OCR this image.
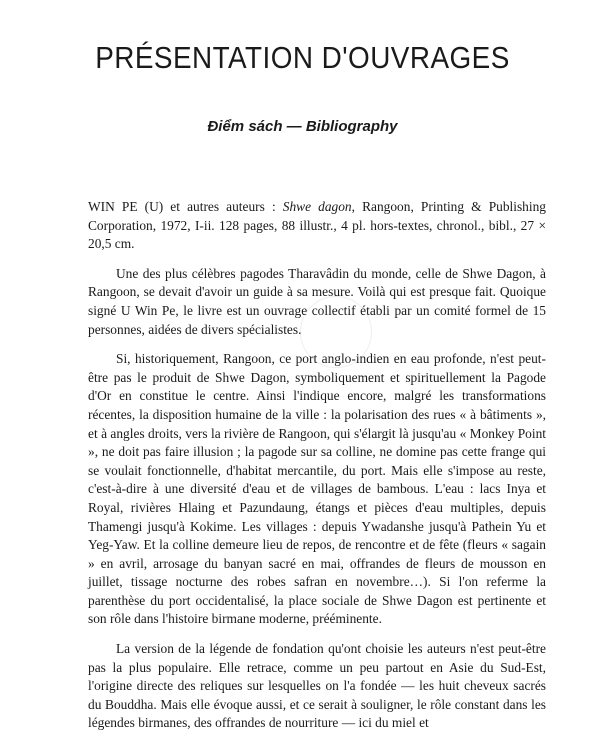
PRÉSENTATION D'OUVRAGES
Điểm sách — Bibliography

WIN PE (U) et autres auteurs : Shwe dagon, Rangoon, Printing & Publishing Corporation, 1972, I-ii. 128 pages, 88 illustr., 4 pl. hors-textes, chronol., bibl., 27 × 20,5 cm.

Une des plus célèbres pagodes Tharavâdin du monde, celle de Shwe Dagon, à Rangoon, se devait d'avoir un guide à sa mesure. Voilà qui est presque fait. Quoique signé U Win Pe, le livre est un ouvrage collectif établi par un comité formel de 15 personnes, aidées de divers spécialistes.

Si, historiquement, Rangoon, ce port anglo-indien en eau profonde, n'est peut-être pas le produit de Shwe Dagon, symboliquement et spirituellement la Pagode d'Or en constitue le centre. Ainsi l'indique encore, malgré les transformations récentes, la disposition humaine de la ville : la polarisation des rues « à bâtiments », et à angles droits, vers la rivière de Rangoon, qui s'élargit là jusqu'au « Monkey Point », ne doit pas faire illusion ; la pagode sur sa colline, ne domine pas cette frange qui se voulait fonctionnelle, d'habitat mercantile, du port. Mais elle s'impose au reste, c'est-à-dire à une diversité d'eau et de villages de bambous. L'eau : lacs Inya et Royal, rivières Hlaing et Pazundaung, étangs et pièces d'eau multiples, depuis Thamengi jusqu'à Kokime. Les villages : depuis Ywadanshe jusqu'à Pathein Yu et Yeg-Yaw. Et la colline demeure lieu de repos, de rencontre et de fête (fleurs « sagain » en avril, arrosage du banyan sacré en mai, offrandes de fleurs de mousson en juillet, tissage nocturne des robes safran en novembre…). Si l'on referme la parenthèse du port occidentalisé, la place sociale de Shwe Dagon est pertinente et son rôle dans l'histoire birmane moderne, prééminente.

La version de la légende de fondation qu'ont choisie les auteurs n'est peut-être pas la plus populaire. Elle retrace, comme un peu partout en Asie du Sud-Est, l'origine directe des reliques sur lesquelles on l'a fondée — les huit cheveux sacrés du Bouddha. Mais elle évoque aussi, et ce serait à souligner, le rôle constant dans les légendes birmanes, des offrandes de nourriture — ici du miel et
